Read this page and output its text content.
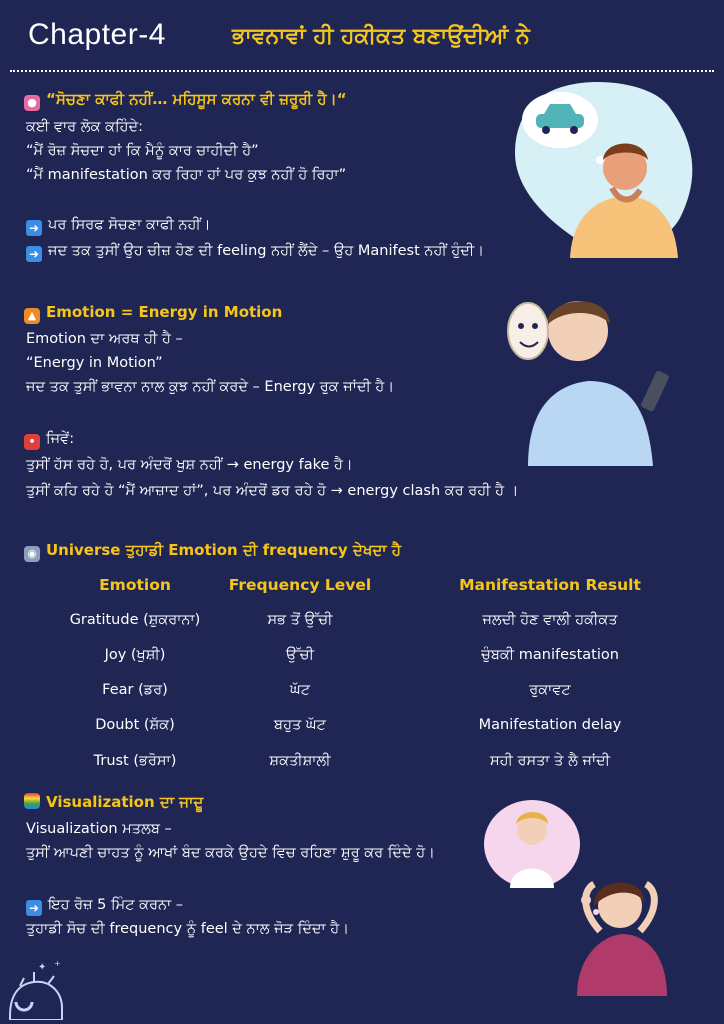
Chapter-4	ਭਾਵਨਾਵਾਂ ਹੀ ਹਕੀਕਤ ਬਣਾਉਂਦੀਆਂ ਨੇ
● “ਸੋਚਣਾ ਕਾਫੀ ਨਹੀਂ… ਮਹਿਸੂਸ ਕਰਨਾ ਵੀ ਜ਼ਰੂਰੀ ਹੈ।“
ਕਈ ਵਾਰ ਲੋਕ ਕਹਿੰਦੇ:
“ਮੈਂ ਰੋਜ਼ ਸੋਚਦਾ ਹਾਂ ਕਿ ਮੈਨੂੰ ਕਾਰ ਚਾਹੀਦੀ ਹੈ”
“ਮੈਂ manifestation ਕਰ ਰਿਹਾ ਹਾਂ ਪਰ ਕੁਝ ਨਹੀਂ ਹੋ ਰਿਹਾ”
➜ ਪਰ ਸਿਰਫ ਸੋਚਣਾ ਕਾਫੀ ਨਹੀਂ।
➜ ਜਦ ਤਕ ਤੁਸੀਂ ਉਹ ਚੀਜ਼ ਹੋਣ ਦੀ feeling ਨਹੀਂ ਲੈਂਦੇ – ਉਹ Manifest ਨਹੀਂ ਹੁੰਦੀ।
▲ Emotion = Energy in Motion
Emotion ਦਾ ਅਰਥ ਹੀ ਹੈ –
“Energy in Motion”
ਜਦ ਤਕ ਤੁਸੀਂ ਭਾਵਨਾ ਨਾਲ ਕੁਝ ਨਹੀਂ ਕਰਦੇ – Energy ਰੁਕ ਜਾਂਦੀ ਹੈ।
• ਜਿਵੇਂ:
ਤੁਸੀਂ ਹੱਸ ਰਹੇ ਹੋ, ਪਰ ਅੰਦਰੋਂ ਖੁਸ਼ ਨਹੀਂ → energy fake ਹੈ।
ਤੁਸੀਂ ਕਹਿ ਰਹੇ ਹੋ “ਮੈਂ ਆਜ਼ਾਦ ਹਾਂ”, ਪਰ ਅੰਦਰੋਂ ਡਰ ਰਹੇ ਹੋ → energy clash ਕਰ ਰਹੀ ਹੈ ।
◉ Universe ਤੁਹਾਡੀ Emotion ਦੀ frequency ਦੇਖਦਾ ਹੈ
Emotion	Frequency Level	Manifestation Result
Gratitude (ਸ਼ੁਕਰਾਨਾ)	ਸਭ ਤੋਂ ਉੱਚੀ	ਜਲਦੀ ਹੋਣ ਵਾਲੀ ਹਕੀਕਤ
Joy (ਖੁਸ਼ੀ)	ਉੱਚੀ	ਚੁੰਬਕੀ manifestation
Fear (ਡਰ)	ਘੱਟ	ਰੁਕਾਵਟ
Doubt (ਸ਼ੱਕ)	ਬਹੁਤ ਘੱਟ	Manifestation delay
Trust (ਭਰੋਸਾ)	ਸ਼ਕਤੀਸ਼ਾਲੀ	ਸਹੀ ਰਸਤਾ ਤੇ ਲੈ ਜਾਂਦੀ
Visualization ਦਾ ਜਾਦੂ
Visualization ਮਤਲਬ –
ਤੁਸੀਂ ਆਪਣੀ ਚਾਹਤ ਨੂੰ ਆਖਾਂ ਬੰਦ ਕਰਕੇ ਉਹਦੇ ਵਿਚ ਰਹਿਣਾ ਸ਼ੁਰੂ ਕਰ ਦਿੰਦੇ ਹੋ।
➜ ਇਹ ਰੋਜ਼ 5 ਮਿੰਟ ਕਰਨਾ –
ਤੁਹਾਡੀ ਸੋਚ ਦੀ frequency ਨੂੰ feel ਦੇ ਨਾਲ ਜੋੜ ਦਿੰਦਾ ਹੈ।
✦ +
